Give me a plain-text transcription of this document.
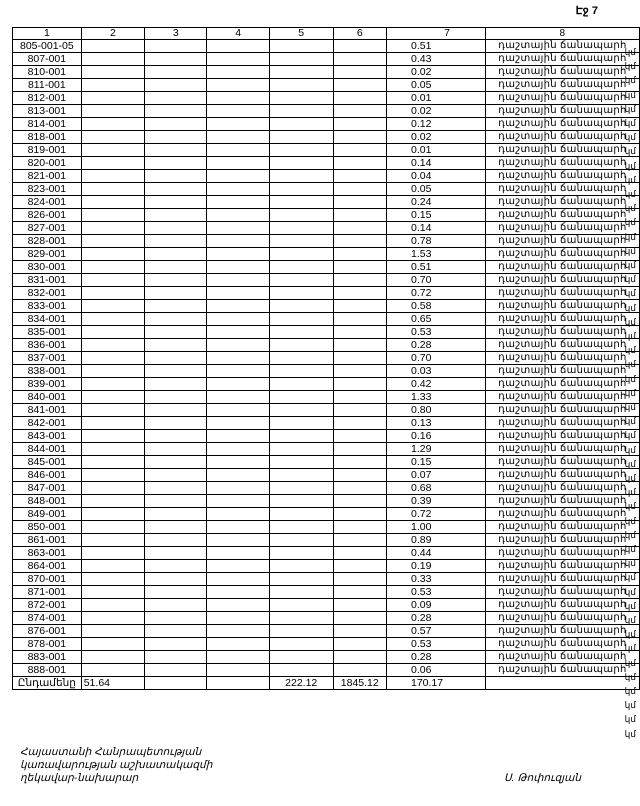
Էջ 7
1	2	3	4	5	6	7	8
805-001-05						0.51	դաշտային ճանապարհ
807-001						0.43	դաշտային ճանապարհ
810-001						0.02	դաշտային ճանապարհ
811-001						0.05	դաշտային ճանապարհ
812-001						0.01	դաշտային ճանապարհ
813-001						0.02	դաշտային ճանապարհ
814-001						0.12	դաշտային ճանապարհ
818-001						0.02	դաշտային ճանապարհ
819-001						0.01	դաշտային ճանապարհ
820-001						0.14	դաշտային ճանապարհ
821-001						0.04	դաշտային ճանապարհ
823-001						0.05	դաշտային ճանապարհ
824-001						0.24	դաշտային ճանապարհ
826-001						0.15	դաշտային ճանապարհ
827-001						0.14	դաշտային ճանապարհ
828-001						0.78	դաշտային ճանապարհ
829-001						1.53	դաշտային ճանապարհ
830-001						0.51	դաշտային ճանապարհ
831-001						0.70	դաշտային ճանապարհ
832-001						0.72	դաշտային ճանապարհ
833-001						0.58	դաշտային ճանապարհ
834-001						0.65	դաշտային ճանապարհ
835-001						0.53	դաշտային ճանապարհ
836-001						0.28	դաշտային ճանապարհ
837-001						0.70	դաշտային ճանապարհ
838-001						0.03	դաշտային ճանապարհ
839-001						0.42	դաշտային ճանապարհ
840-001						1.33	դաշտային ճանապարհ
841-001						0.80	դաշտային ճանապարհ
842-001						0.13	դաշտային ճանապարհ
843-001						0.16	դաշտային ճանապարհ
844-001						1.29	դաշտային ճանապարհ
845-001						0.15	դաշտային ճանապարհ
846-001						0.07	դաշտային ճանապարհ
847-001						0.68	դաշտային ճանապարհ
848-001						0.39	դաշտային ճանապարհ
849-001						0.72	դաշտային ճանապարհ
850-001						1.00	դաշտային ճանապարհ
861-001						0.89	դաշտային ճանապարհ
863-001						0.44	դաշտային ճանապարհ
864-001						0.19	դաշտային ճանապարհ
870-001						0.33	դաշտային ճանապարհ
871-001						0.53	դաշտային ճանապարհ
872-001						0.09	դաշտային ճանապարհ
874-001						0.28	դաշտային ճանապարհ
876-001						0.57	դաշտային ճանապարհ
878-001						0.53	դաշտային ճանապարհ
883-001						0.28	դաշտային ճանապարհ
888-001						0.06	դաշտային ճանապարհ
Ընդամենը	51.64			222.12	1845.12	170.17	
կմ
կմ
կմ
կմ
կմ
կմ
կմ
կմ
կմ
կմ
կմ
կմ
կմ
կմ
կմ
կմ
կմ
կմ
կմ
կմ
կմ
կմ
կմ
կմ
կմ
կմ
կմ
կմ
կմ
կմ
կմ
կմ
կմ
կմ
կմ
կմ
կմ
կմ
կմ
կմ
կմ
կմ
կմ
կմ
կմ
կմ
կմ
կմ
կմ
Հայաստանի Հանրապետության
կառավարության աշխատակազմի
ղեկավար-նախարար	Ս. Թոփուզյան
